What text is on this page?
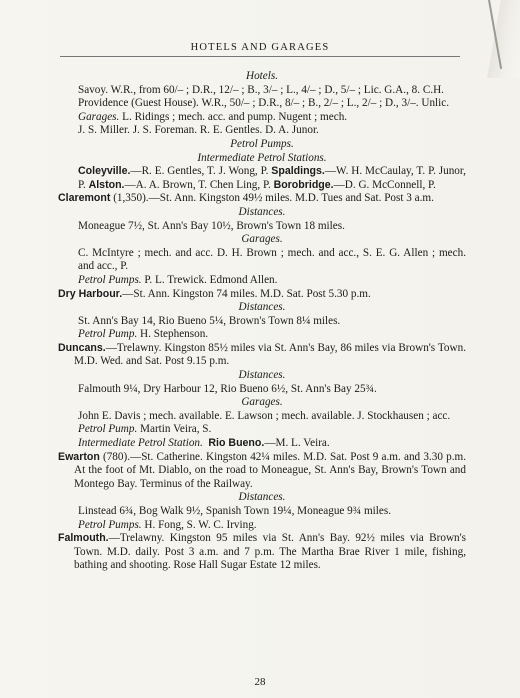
HOTELS AND GARAGES
Hotels.

Savoy. W.R., from 60/– ; D.R., 12/– ; B., 3/– ; L., 4/– ; D., 5/– ; Lic. G.A., 8. C.H.

Providence (Guest House). W.R., 50/– ; D.R., 8/– ; B., 2/– ; L., 2/– ; D., 3/–. Unlic.

Garages. L. Ridings ; mech. acc. and pump. Nugent ; mech.

J. S. Miller. J. S. Foreman. R. E. Gentles. D. A. Junor.

Petrol Pumps.
Intermediate Petrol Stations.

Coleyville.—R. E. Gentles, T. J. Wong, P. Spaldings.—W. H. McCaulay, T. P. Junor, P. Alston.—A. A. Brown, T. Chen Ling, P. Borobridge.—D. G. McConnell, P.

Claremont (1,350).—St. Ann. Kingston 49½ miles. M.D. Tues and Sat. Post 3 a.m.

Distances.

Moneague 7½, St. Ann's Bay 10½, Brown's Town 18 miles.

Garages.

C. McIntyre ; mech. and acc. D. H. Brown ; mech. and acc., S. E. G. Allen ; mech. and acc., P.

Petrol Pumps. P. L. Trewick. Edmond Allen.

Dry Harbour.—St. Ann. Kingston 74 miles. M.D. Sat. Post 5.30 p.m.

Distances.

St. Ann's Bay 14, Rio Bueno 5¼, Brown's Town 8¼ miles.

Petrol Pump. H. Stephenson.

Duncans.—Trelawny. Kingston 85½ miles via St. Ann's Bay, 86 miles via Brown's Town. M.D. Wed. and Sat. Post 9.15 p.m.

Distances.

Falmouth 9¼, Dry Harbour 12, Rio Bueno 6½, St. Ann's Bay 25¾.

Garages.

John E. Davis ; mech. available. E. Lawson ; mech. available. J. Stockhausen ; acc.

Petrol Pump. Martin Veira, S.

Intermediate Petrol Station. Rio Bueno.—M. L. Veira.

Ewarton (780).—St. Catherine. Kingston 42¼ miles. M.D. Sat. Post 9 a.m. and 3.30 p.m. At the foot of Mt. Diablo, on the road to Moneague, St. Ann's Bay, Brown's Town and Montego Bay. Terminus of the Railway.

Distances.

Linstead 6¾, Bog Walk 9½, Spanish Town 19¼, Moneague 9¾ miles.

Petrol Pumps. H. Fong, S. W. C. Irving.

Falmouth.—Trelawny. Kingston 95 miles via St. Ann's Bay. 92½ miles via Brown's Town. M.D. daily. Post 3 a.m. and 7 p.m. The Martha Brae River 1 mile, fishing, bathing and shooting. Rose Hall Sugar Estate 12 miles.

28
